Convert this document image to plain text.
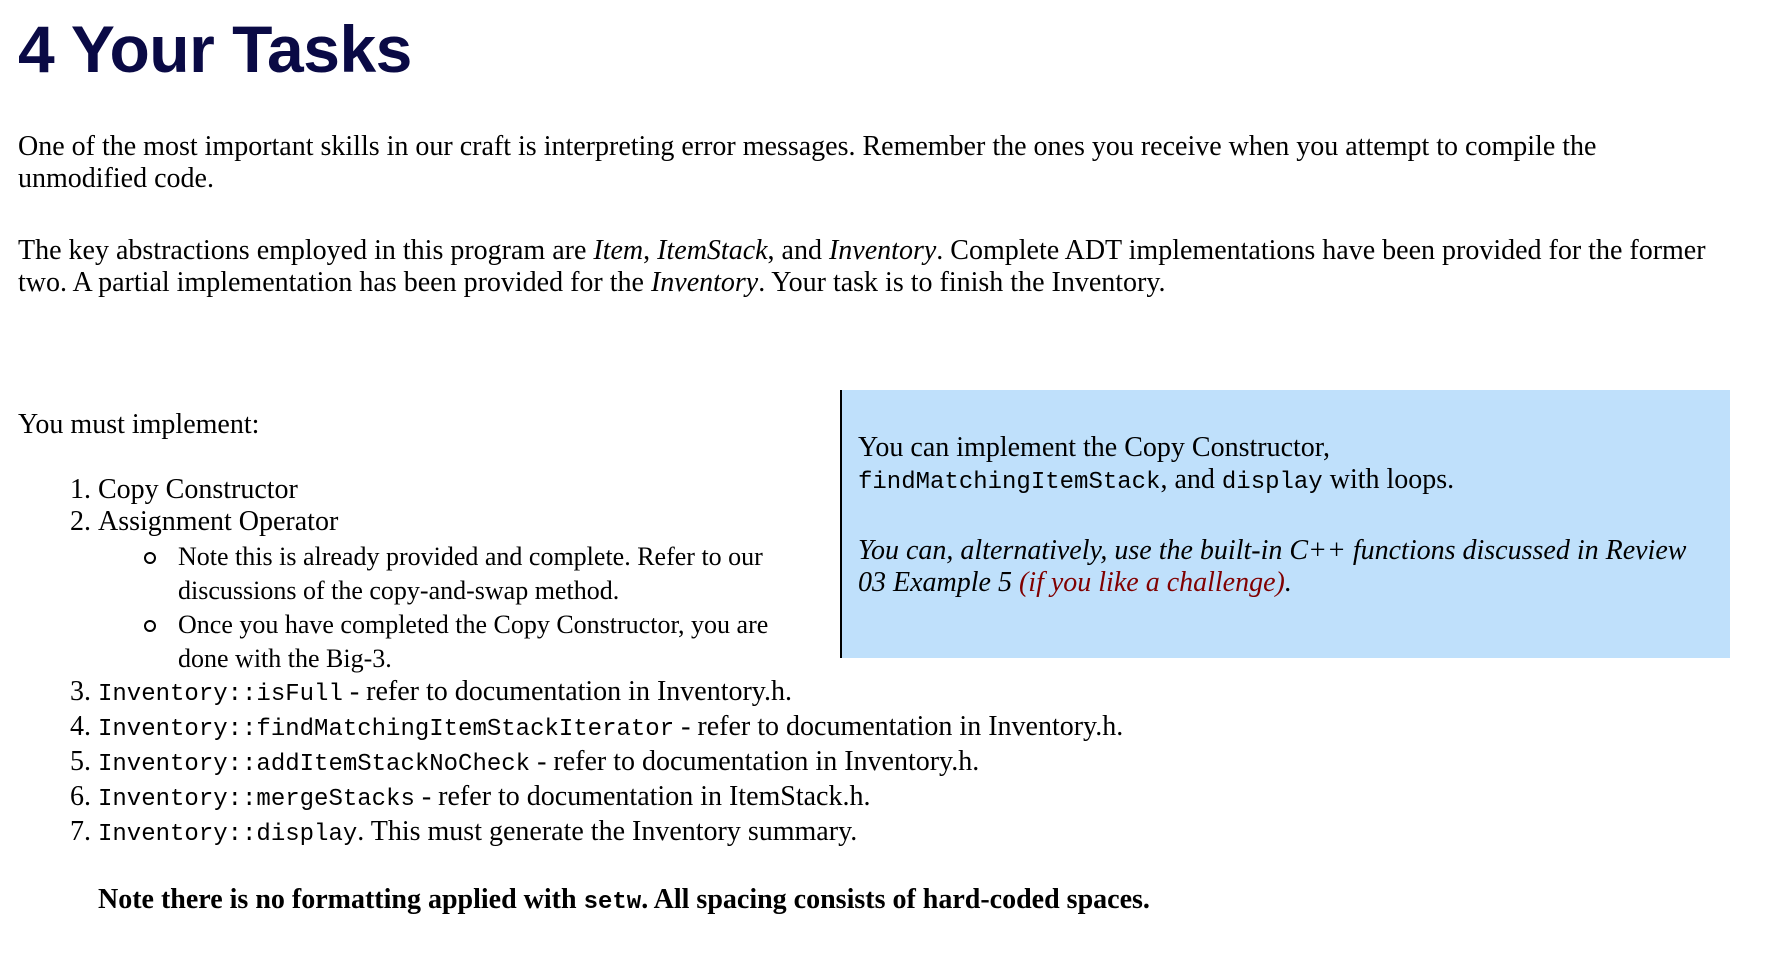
4 Your Tasks

One of the most important skills in our craft is interpreting error messages. Remember the ones you receive when you attempt to compile the unmodified code.

The key abstractions employed in this program are Item, ItemStack, and Inventory. Complete ADT implementations have been provided for the former two. A partial implementation has been provided for the Inventory. Your task is to finish the Inventory.

You must implement:

You can implement the Copy Constructor,
findMatchingItemStack, and display with loops.

You can, alternatively, use the built-in C++ functions discussed in Review 03 Example 5 (if you like a challenge).

1. Copy Constructor
2. Assignment Operator
Note this is already provided and complete. Refer to our discussions of the copy-and-swap method.
Once you have completed the Copy Constructor, you are done with the Big-3.
3. Inventory::isFull - refer to documentation in Inventory.h.
4. Inventory::findMatchingItemStackIterator - refer to documentation in Inventory.h.
5. Inventory::addItemStackNoCheck - refer to documentation in Inventory.h.
6. Inventory::mergeStacks - refer to documentation in ItemStack.h.
7. Inventory::display. This must generate the Inventory summary.

Note there is no formatting applied with setw. All spacing consists of hard-coded spaces.
